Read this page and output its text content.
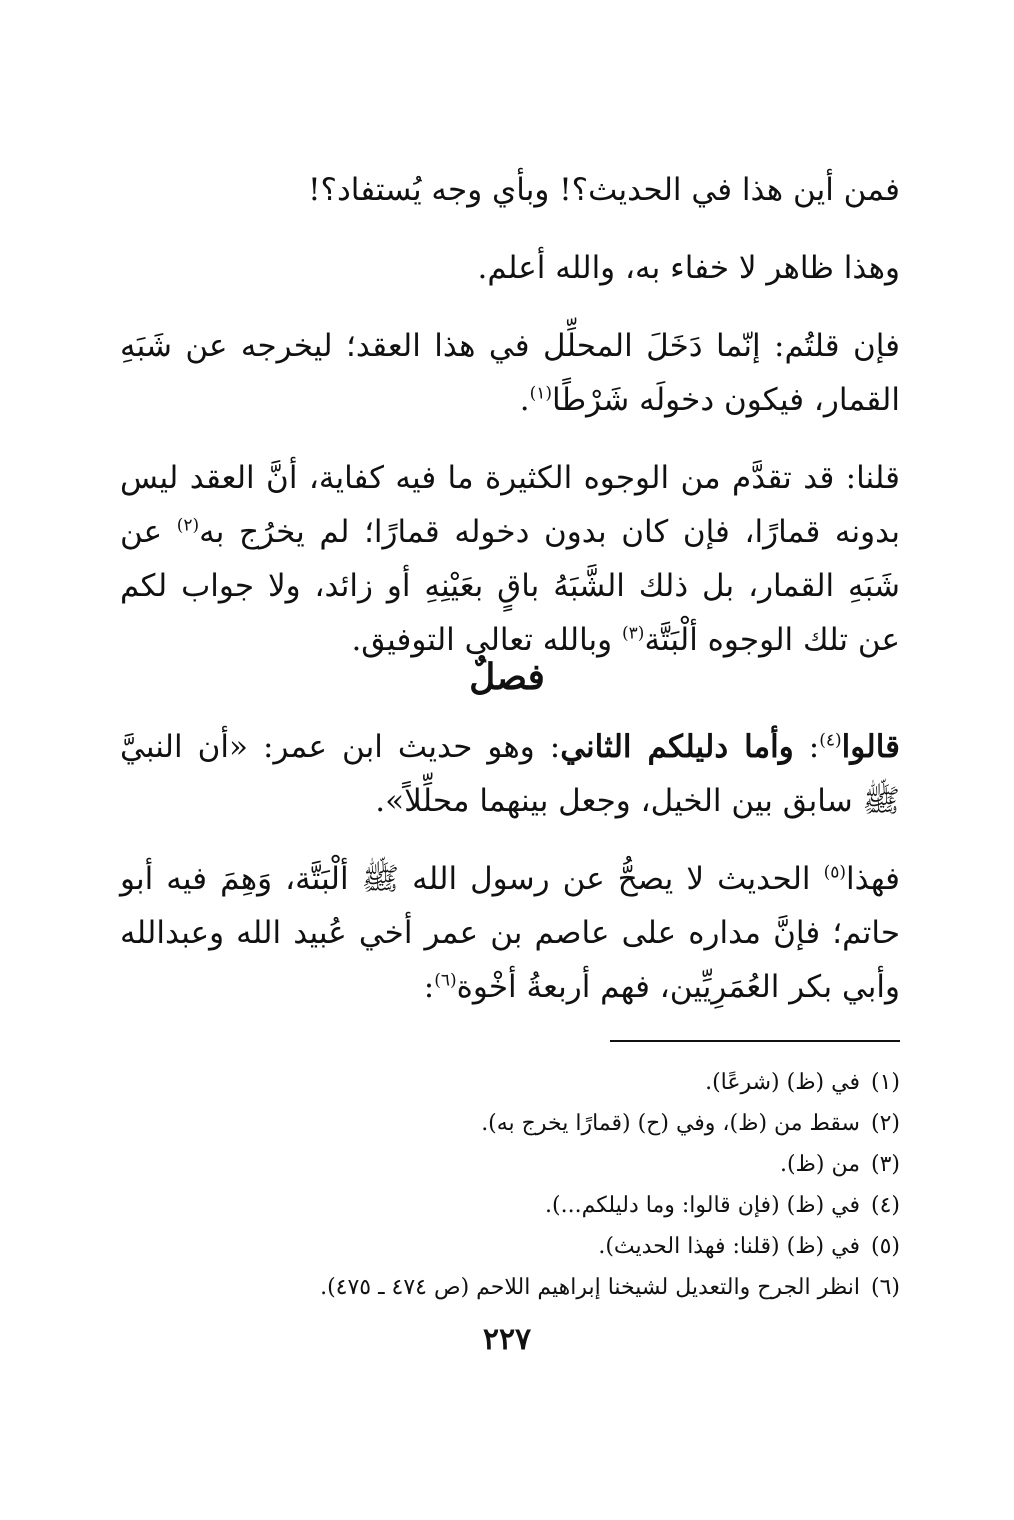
فمن أين هذا في الحديث؟! وبأي وجه يُستفاد؟!

وهذا ظاهر لا خفاء به، والله أعلم.

فإن قلتُم: إنّما دَخَلَ المحلِّل في هذا العقد؛ ليخرجه عن شَبَهِ القمار، فيكون دخولَه شَرْطًا$^{(١)}$.

قلنا: قد تقدَّم من الوجوه الكثيرة ما فيه كفاية، أنَّ العقد ليس بدونه قمارًا، فإن كان بدون دخوله قمارًا؛ لم يخرُج به$^{(٢)}$ عن شَبَهِ القمار، بل ذلك الشَّبَهُ باقٍ بعَيْنِهِ أو زائد، ولا جواب لكم عن تلك الوجوه ألْبَتَّة$^{(٣)}$ وبالله تعالى التوفيق.

فصلٌ

قالوا$^{(٤)}$: وأما دليلكم الثاني: وهو حديث ابن عمر: «أن النبيَّ ﷺ سابق بين الخيل، وجعل بينهما محلِّلاً».

فهذا$^{(٥)}$ الحديث لا يصحُّ عن رسول الله ﷺ ألْبَتَّة، وَهِمَ فيه أبو حاتم؛ فإنَّ مداره على عاصم بن عمر أخي عُبيد الله وعبدالله وأبي بكر العُمَرِيِّين، فهم أربعةُ أخْوة$^{(٦)}$:

(١)في (ظ) (شرعًا).
(٢)سقط من (ظ)، وفي (ح) (قمارًا يخرج به).
(٣)من (ظ).
(٤)في (ظ) (فإن قالوا: وما دليلكم...).
(٥)في (ظ) (قلنا: فهذا الحديث).
(٦)انظر الجرح والتعديل لشيخنا إبراهيم اللاحم (ص ٤٧٤ ـ ٤٧٥).
٢٢٧
